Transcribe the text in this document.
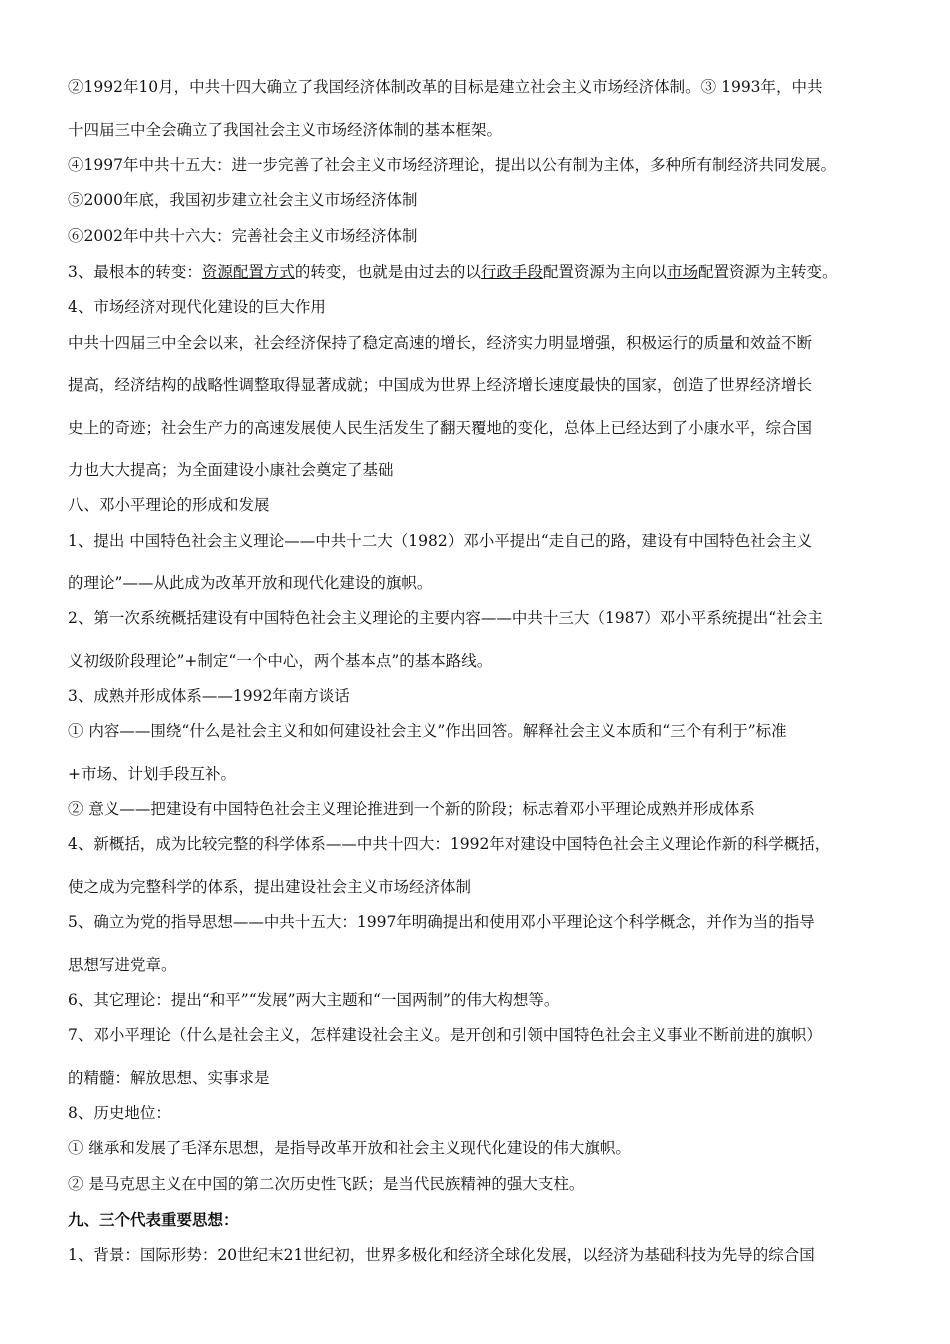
②1992年10月，中共十四大确立了我国经济体制改革的目标是建立社会主义市场经济体制。③ 1993年，中共
十四届三中全会确立了我国社会主义市场经济体制的基本框架。
④1997年中共十五大：进一步完善了社会主义市场经济理论，提出以公有制为主体，多种所有制经济共同发展。
⑤2000年底，我国初步建立社会主义市场经济体制
⑥2002年中共十六大：完善社会主义市场经济体制
3、最根本的转变：资源配置方式的转变，也就是由过去的以行政手段配置资源为主向以市场配置资源为主转变。
4、市场经济对现代化建设的巨大作用
中共十四届三中全会以来，社会经济保持了稳定高速的增长，经济实力明显增强，积极运行的质量和效益不断
提高，经济结构的战略性调整取得显著成就；中国成为世界上经济增长速度最快的国家，创造了世界经济增长
史上的奇迹；社会生产力的高速发展使人民生活发生了翻天覆地的变化，总体上已经达到了小康水平，综合国
力也大大提高；为全面建设小康社会奠定了基础
八、邓小平理论的形成和发展
1、提出 中国特色社会主义理论——中共十二大（1982）邓小平提出“走自己的路，建设有中国特色社会主义
的理论”——从此成为改革开放和现代化建设的旗帜。
2、第一次系统概括建设有中国特色社会主义理论的主要内容——中共十三大（1987）邓小平系统提出“社会主
义初级阶段理论”+制定“一个中心，两个基本点”的基本路线。
3、成熟并形成体系——1992年南方谈话
① 内容——围绕“什么是社会主义和如何建设社会主义”作出回答。解释社会主义本质和“三个有利于”标准
+市场、计划手段互补。
② 意义——把建设有中国特色社会主义理论推进到一个新的阶段；标志着邓小平理论成熟并形成体系
4、新概括，成为比较完整的科学体系——中共十四大：1992年对建设中国特色社会主义理论作新的科学概括，
使之成为完整科学的体系，提出建设社会主义市场经济体制
5、确立为党的指导思想——中共十五大：1997年明确提出和使用邓小平理论这个科学概念，并作为当的指导
思想写进党章。
6、其它理论：提出“和平”“发展”两大主题和“一国两制”的伟大构想等。
7、邓小平理论（什么是社会主义，怎样建设社会主义。是开创和引领中国特色社会主义事业不断前进的旗帜）
的精髓：解放思想、实事求是
8、历史地位：
① 继承和发展了毛泽东思想，是指导改革开放和社会主义现代化建设的伟大旗帜。
② 是马克思主义在中国的第二次历史性飞跃；是当代民族精神的强大支柱。
九、三个代表重要思想：
1、背景：国际形势：20世纪末21世纪初，世界多极化和经济全球化发展，以经济为基础科技为先导的综合国
